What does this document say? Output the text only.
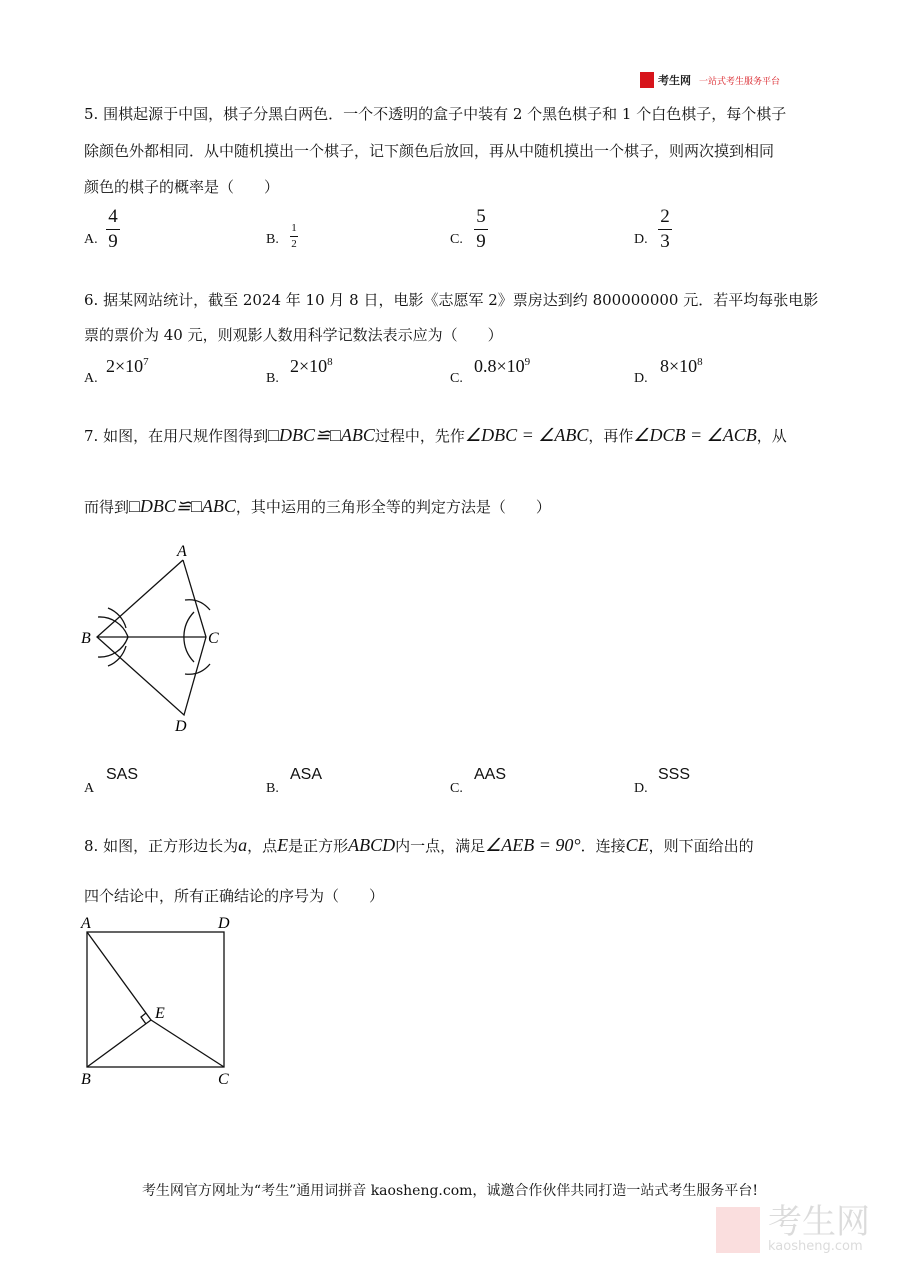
考生网 一站式考生服务平台
5. 围棋起源于中国，棋子分黑白两色．一个不透明的盒子中装有 2 个黑色棋子和 1 个白色棋子，每个棋子
除颜色外都相同．从中随机摸出一个棋子，记下颜色后放回，再从中随机摸出一个棋子，则两次摸到相同
颜色的棋子的概率是（　　）
A.
4
9	B.
1
2	C.
5
9	D.
2
3
6. 据某网站统计，截至 2024 年 10 月 8 日，电影《志愿军 2》票房达到约 800000000 元．若平均每张电影
票的票价为 40 元，则观影人数用科学记数法表示应为（　　）
A.
$2\times 10^7$
B.
$2\times 10^8$
C.
$0.8\times 10^9$
D.
$8\times 10^8$
7. 如图，在用尺规作图得到□DBC≌□ABC过程中，先作∠DBC = ∠ABC，再作∠DCB = ∠ACB，从
而得到□DBC≌□ABC，其中运用的三角形全等的判定方法是（　　）
A
B	C
D
A	D
B	C
E
A
SAS
B.
ASA
C.
AAS
D.
SSS
8. 如图，正方形边长为a，点E是正方形ABCD内一点，满足∠AEB = 90°．连接CE，则下面给出的
四个结论中，所有正确结论的序号为（　　）
考生网官方网址为“考生”通用词拼音 kaosheng.com，诚邀合作伙伴共同打造一站式考生服务平台!
考生网
kaosheng.com
